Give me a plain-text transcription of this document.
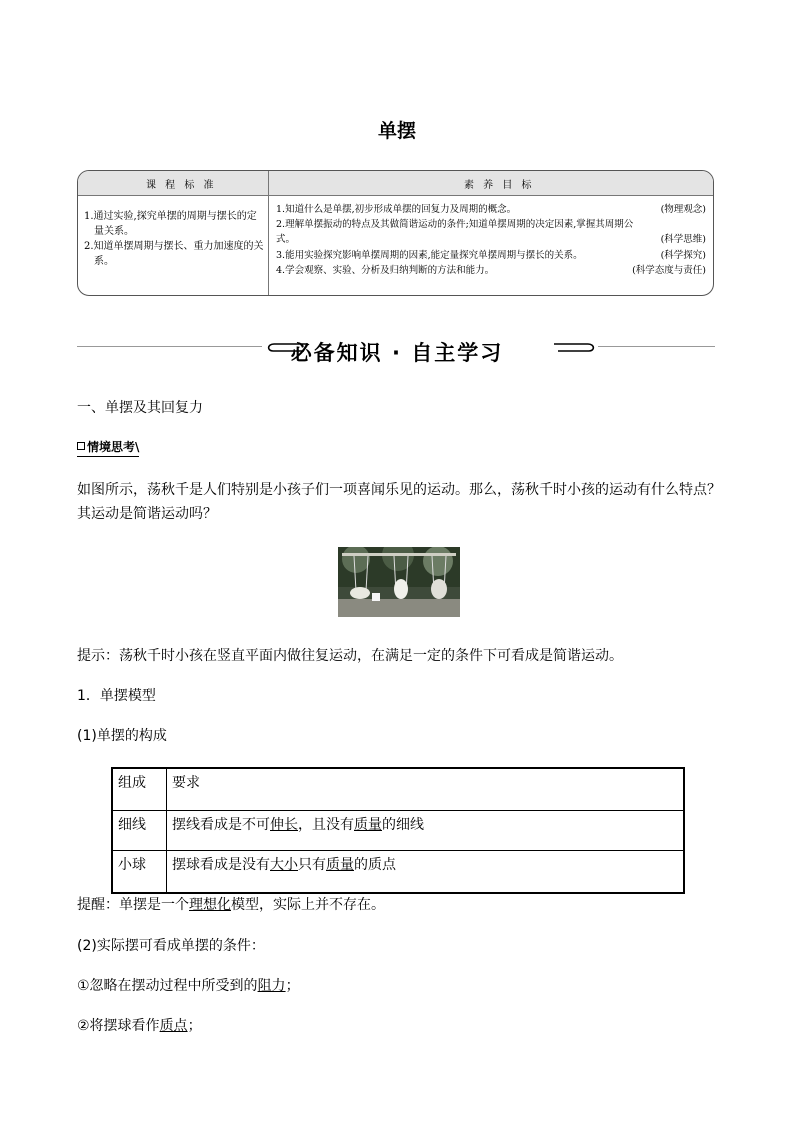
单摆
课 程 标 准	素 养 目 标
1.通过实验,探究单摆的周期与摆长的定量关系。
2.知道单摆周期与摆长、重力加速度的关系。
1.知道什么是单摆,初步形成单摆的回复力及周期的概念。	(物理观念)
2.理解单摆振动的特点及其做简谐运动的条件;知道单摆周期的决定因素,掌握其周期公式。	(科学思维)
3.能用实验探究影响单摆周期的因素,能定量探究单摆周期与摆长的关系。	(科学探究)
4.学会观察、实验、分析及归纳判断的方法和能力。	(科学态度与责任)
必备知识 · 自主学习
一、单摆及其回复力
情境思考\
如图所示，荡秋千是人们特别是小孩子们一项喜闻乐见的运动。那么，荡秋千时小孩的运动有什么特点？其运动是简谐运动吗？
提示：荡秋千时小孩在竖直平面内做往复运动，在满足一定的条件下可看成是简谐运动。
1．单摆模型
(1)单摆的构成
组成	要求
细线	摆线看成是不可伸长，且没有质量的细线
小球	摆球看成是没有大小只有质量的质点
提醒：单摆是一个理想化模型，实际上并不存在。
(2)实际摆可看成单摆的条件：
①忽略在摆动过程中所受到的阻力；
②将摆球看作质点；
